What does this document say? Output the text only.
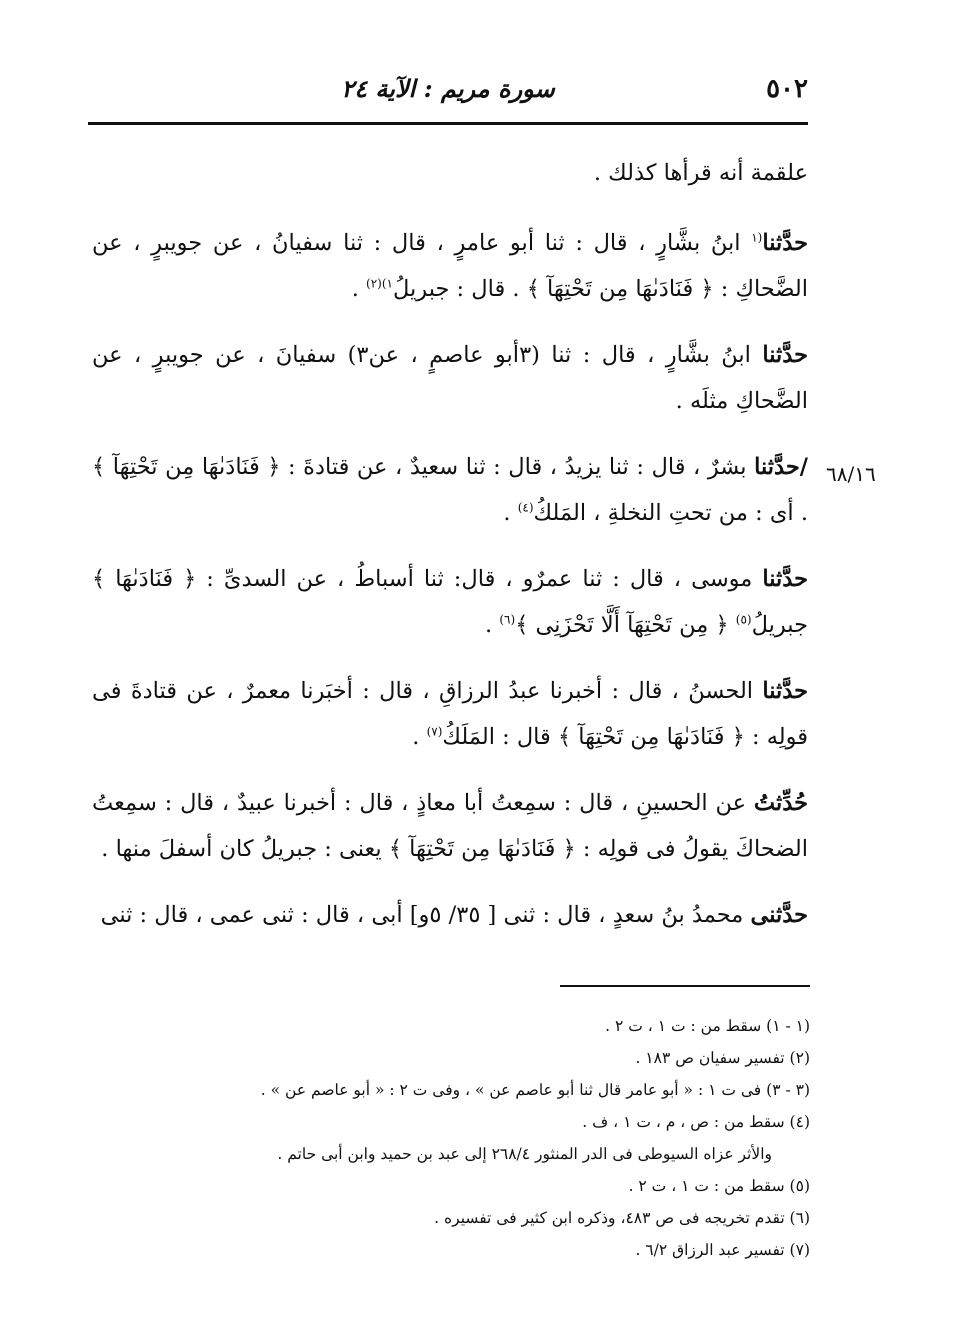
٥٠٢
سورة مريم : الآية ٢٤
٦٨/١٦

علقمة أنه قرأها كذلك .

حدَّثنا$^{(١}$ ابنُ بشَّارٍ ، قال : ثنا أبو عامرٍ ، قال : ثنا سفيانُ ، عن جويبرٍ ، عن الضَّحاكِ : ﴿ فَنَادَىٰهَا مِن تَحْتِهَآ ﴾ . قال : جبريلُ$^{١)(٢)}$ .

حدَّثنا ابنُ بشَّارٍ ، قال : ثنا (٣أبو عاصمٍ ، عن٣) سفيانَ ، عن جويبرٍ ، عن الضَّحاكِ مثلَه .

/حدَّثنا بشرٌ ، قال : ثنا يزيدُ ، قال : ثنا سعيدٌ ، عن قتادةَ : ﴿ فَنَادَىٰهَا مِن تَحْتِهَآ ﴾ . أى : من تحتِ النخلةِ ، المَلكُ$^{(٤)}$ .

حدَّثنا موسى ، قال : ثنا عمرٌو ، قال: ثنا أسباطُ ، عن السدىِّ : ﴿ فَنَادَىٰهَا ﴾ جبريلُ$^{(٥)}$ ﴿ مِن تَحْتِهَآ أَلَّا تَحْزَنِى ﴾$^{(٦)}$ .

حدَّثنا الحسنُ ، قال : أخبرنا عبدُ الرزاقِ ، قال : أخبَرنا معمرٌ ، عن قتادةَ فى قولِه : ﴿ فَنَادَىٰهَا مِن تَحْتِهَآ ﴾ قال : المَلَكُ$^{(٧)}$ .

حُدِّثتُ عن الحسينِ ، قال : سمِعتُ أبا معاذٍ ، قال : أخبرنا عبيدٌ ، قال : سمِعتُ الضحاكَ يقولُ فى قولِه : ﴿ فَنَادَىٰهَا مِن تَحْتِهَآ ﴾ يعنى : جبريلُ كان أسفلَ منها .

حدَّثنى محمدُ بنُ سعدٍ ، قال : ثنى [ ٣٥/ ٥و] أبى ، قال : ثنى عمى ، قال : ثنى

(١ - ١) سقط من : ت ١ ، ت ٢ .

(٢) تفسير سفيان ص ١٨٣ .

(٣ - ٣) فى ت ١ : « أبو عامر قال ثنا أبو عاصم عن » ، وفى ت ٢ : « أبو عاصم عن » .

(٤) سقط من : ص ، م ، ت ١ ، ف .

والأثر عزاه السيوطى فى الدر المنثور ٢٦٨/٤ إلى عبد بن حميد وابن أبى حاتم .

(٥) سقط من : ت ١ ، ت ٢ .

(٦) تقدم تخريجه فى ص ٤٨٣، وذكره ابن كثير فى تفسيره .

(٧) تفسير عبد الرزاق ٦/٢ .
